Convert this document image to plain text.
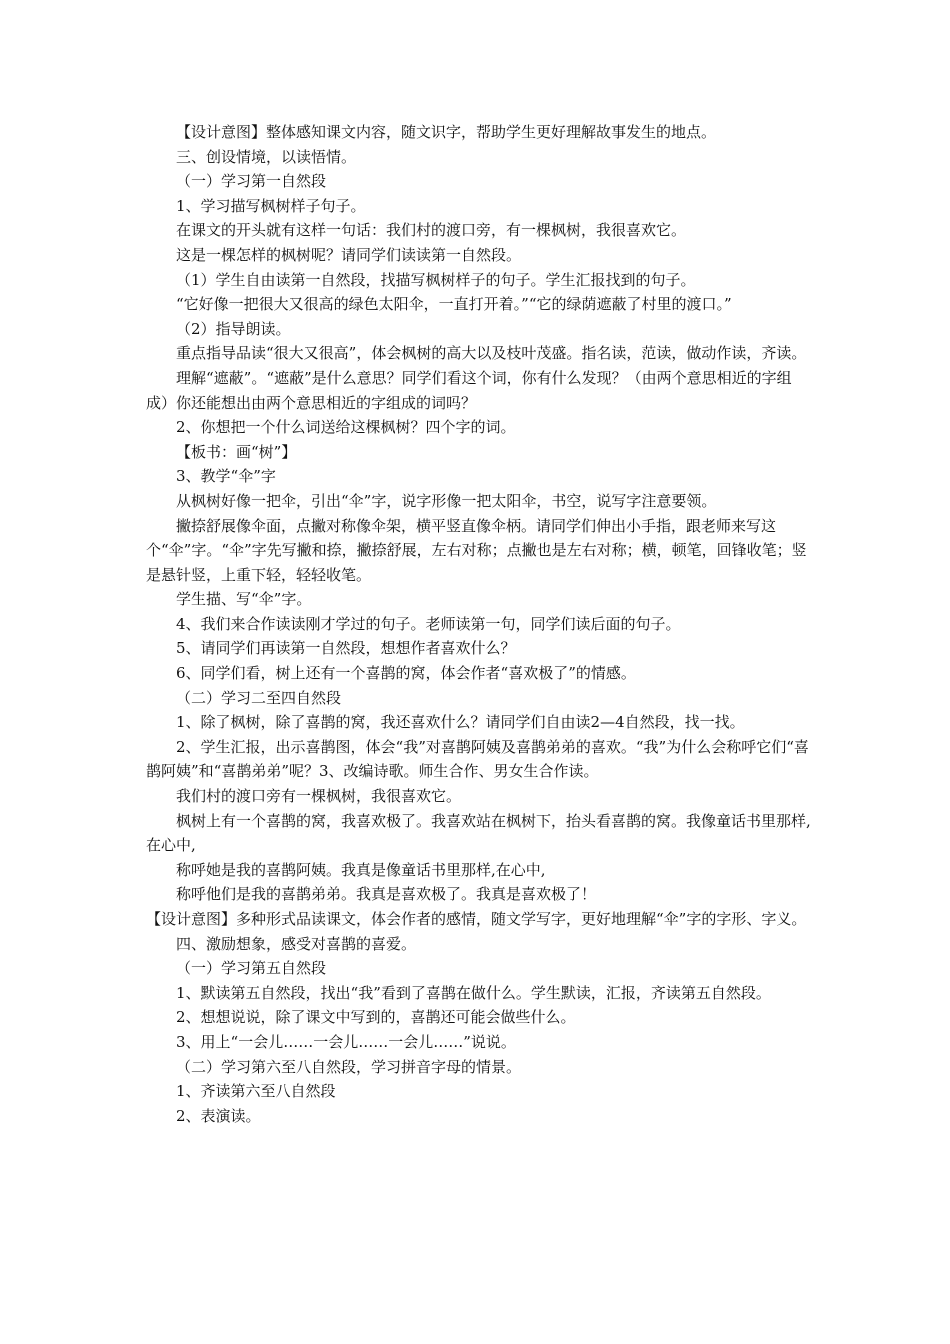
【设计意图】整体感知课文内容，随文识字，帮助学生更好理解故事发生的地点。

三、创设情境，以读悟情。

（一）学习第一自然段

1、学习描写枫树样子句子。

在课文的开头就有这样一句话：我们村的渡口旁，有一棵枫树，我很喜欢它。

这是一棵怎样的枫树呢？请同学们读读第一自然段。

（1）学生自由读第一自然段，找描写枫树样子的句子。学生汇报找到的句子。

“它好像一把很大又很高的绿色太阳伞，一直打开着。”“它的绿荫遮蔽了村里的渡口。”

（2）指导朗读。

重点指导品读“很大又很高”，体会枫树的高大以及枝叶茂盛。指名读，范读，做动作读，齐读。

理解“遮蔽”。“遮蔽”是什么意思？同学们看这个词，你有什么发现？（由两个意思相近的字组成）你还能想出由两个意思相近的字组成的词吗？

2、你想把一个什么词送给这棵枫树？四个字的词。

【板书：画“树”】

3、教学“伞”字

从枫树好像一把伞，引出“伞”字，说字形像一把太阳伞，书空，说写字注意要领。

撇捺舒展像伞面，点撇对称像伞架，横平竖直像伞柄。请同学们伸出小手指，跟老师来写这个“伞”字。“伞”字先写撇和捺，撇捺舒展，左右对称；点撇也是左右对称；横，顿笔，回锋收笔；竖是悬针竖，上重下轻，轻轻收笔。

学生描、写“伞”字。

4、我们来合作读读刚才学过的句子。老师读第一句，同学们读后面的句子。

5、请同学们再读第一自然段，想想作者喜欢什么？

6、同学们看，树上还有一个喜鹊的窝，体会作者“喜欢极了”的情感。

（二）学习二至四自然段

1、除了枫树，除了喜鹊的窝，我还喜欢什么？请同学们自由读2—4自然段，找一找。

2、学生汇报，出示喜鹊图，体会“我”对喜鹊阿姨及喜鹊弟弟的喜欢。“我”为什么会称呼它们“喜鹊阿姨”和“喜鹊弟弟”呢？3、改编诗歌。师生合作、男女生合作读。

我们村的渡口旁有一棵枫树，我很喜欢它。

枫树上有一个喜鹊的窝，我喜欢极了。我喜欢站在枫树下，抬头看喜鹊的窝。我像童话书里那样,在心中,

称呼她是我的喜鹊阿姨。我真是像童话书里那样,在心中,

称呼他们是我的喜鹊弟弟。我真是喜欢极了。我真是喜欢极了！

【设计意图】多种形式品读课文，体会作者的感情，随文学写字，更好地理解“伞”字的字形、字义。

四、激励想象，感受对喜鹊的喜爱。

（一）学习第五自然段

1、默读第五自然段，找出“我”看到了喜鹊在做什么。学生默读，汇报，齐读第五自然段。

2、想想说说，除了课文中写到的，喜鹊还可能会做些什么。

3、用上“一会儿……一会儿……一会儿……”说说。

（二）学习第六至八自然段，学习拼音字母的情景。

1、齐读第六至八自然段

2、表演读。
